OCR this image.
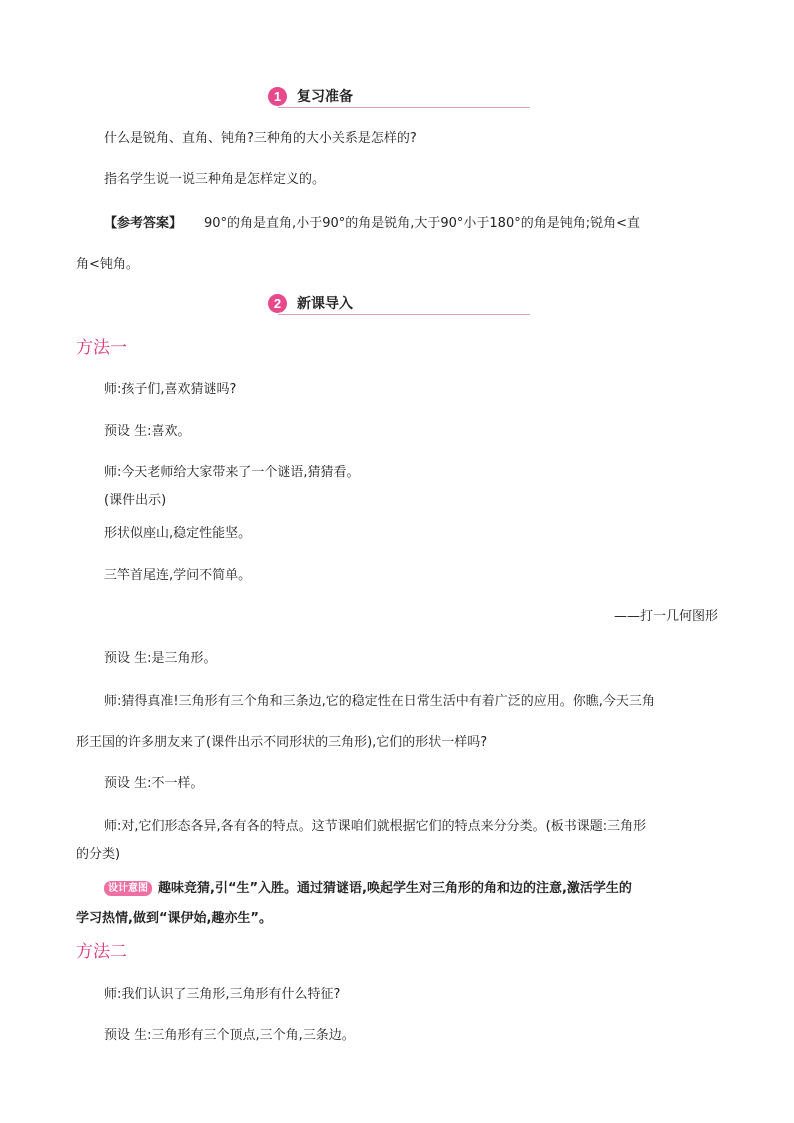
1	复习准备

什么是锐角、直角、钝角?三种角的大小关系是怎样的?

指名学生说一说三种角是怎样定义的。

【参考答案】 90°的角是直角,小于90°的角是锐角,大于90°小于180°的角是钝角;锐角<直

角<钝角。

2	新课导入
方法一

师:孩子们,喜欢猜谜吗?

预设 生:喜欢。

师:今天老师给大家带来了一个谜语,猜猜看。

(课件出示)

形状似座山,稳定性能坚。

三竿首尾连,学问不简单。

——打一几何图形

预设 生:是三角形。

师:猜得真准!三角形有三个角和三条边,它的稳定性在日常生活中有着广泛的应用。你瞧,今天三角

形王国的许多朋友来了(课件出示不同形状的三角形),它们的形状一样吗?

预设 生:不一样。

师:对,它们形态各异,各有各的特点。这节课咱们就根据它们的特点来分分类。(板书课题:三角形

的分类)

设计意图 趣味竞猜,引“生”入胜。通过猜谜语,唤起学生对三角形的角和边的注意,激活学生的

学习热情,做到“课伊始,趣亦生”。

方法二

师:我们认识了三角形,三角形有什么特征?

预设 生:三角形有三个顶点,三个角,三条边。
